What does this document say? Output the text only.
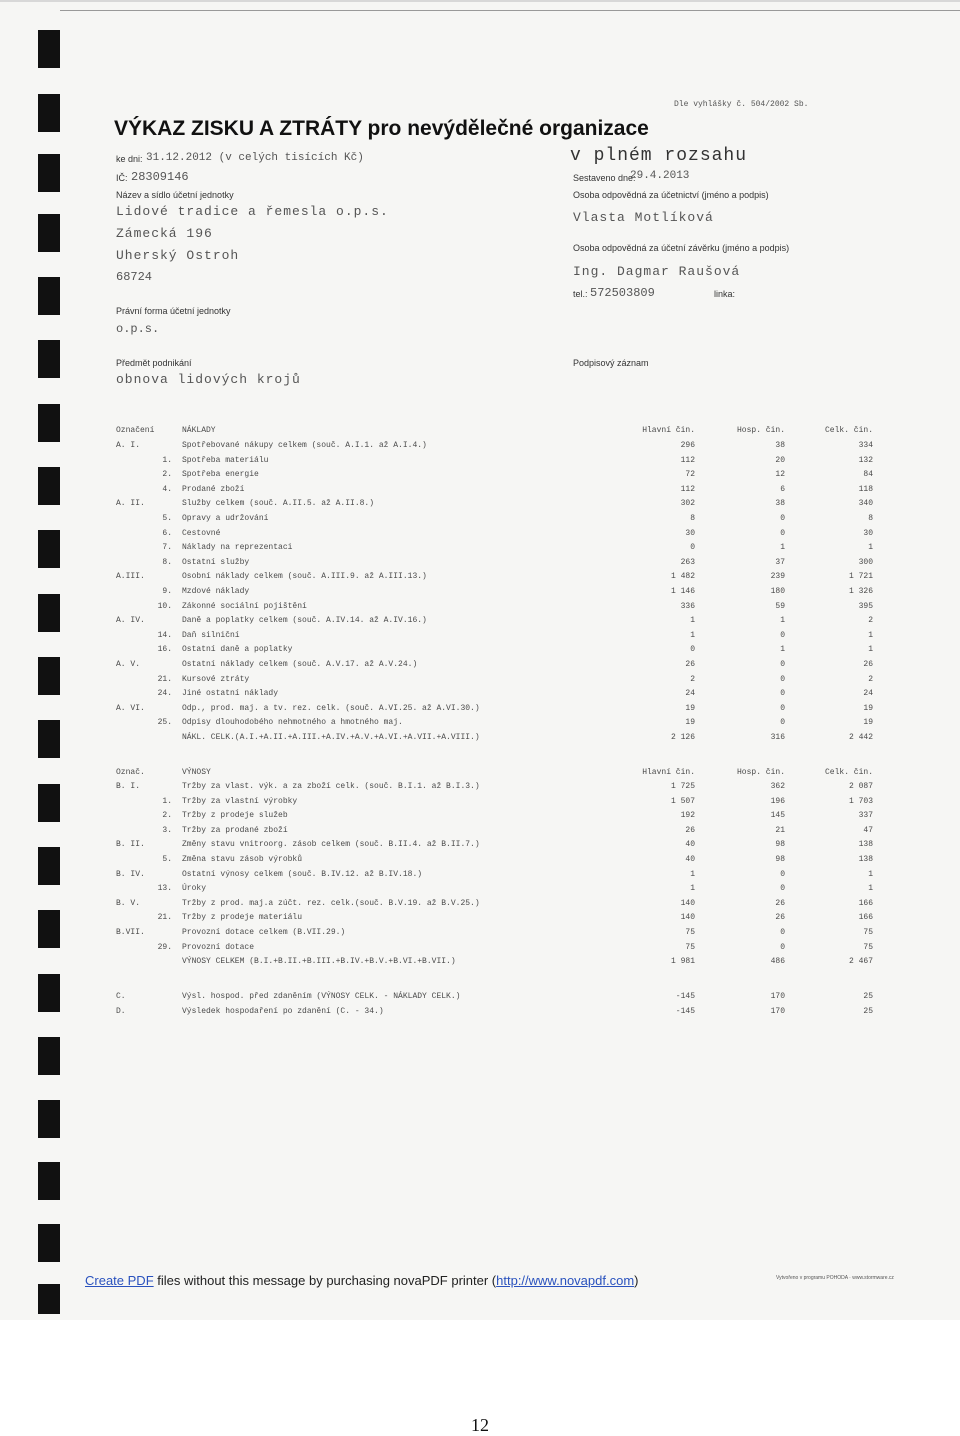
Dle vyhlášky č. 504/2002 Sb.
VÝKAZ ZISKU A ZTRÁTY pro nevýdělečné organizace
ke dni: 31.12.2012 (v celých tisících Kč)	v plném rozsahu
IČ: 28309146	Sestaveno dne:
29.4.2013
Název a sídlo účetní jednotky	Osoba odpovědná za účetnictví (jméno a podpis)
Lidové tradice a řemesla o.p.s.	Vlasta Motlíková
Zámecká 196
Osoba odpovědná za účetní závěrku (jméno a podpis)
Uherský Ostroh
Ing. Dagmar Raušová
68724
tel.: 572503809	linka:
Právní forma účetní jednotky
o.p.s.
Předmět podnikání	Podpisový záznam
obnova lidových krojů
Označení	NÁKLADY	Hlavní čin.	Hosp. čin.	Celk. čin.
A. I.	Spotřebované nákupy celkem (souč. A.I.1. až A.I.4.)	296	38	334
1. Spotřeba materiálu	112	20	132
2. Spotřeba energie	72	12	84
4. Prodané zboží	112	6	118
A. II.	Služby celkem (souč. A.II.5. až A.II.8.)	302	38	340
5. Opravy a udržování	8	0	8
6. Cestovné	30	0	30
7. Náklady na reprezentaci	0	1	1
8. Ostatní služby	263	37	300
A.III.	Osobní náklady celkem (souč. A.III.9. až A.III.13.)	1 482	239	1 721
9. Mzdové náklady	1 146	180	1 326
10. Zákonné sociální pojištění	336	59	395
A. IV.	Daně a poplatky celkem (souč. A.IV.14. až A.IV.16.)	1	1	2
14. Daň silniční	1	0	1
16. Ostatní daně a poplatky	0	1	1
A. V.	Ostatní náklady celkem (souč. A.V.17. až A.V.24.)	26	0	26
21. Kursové ztráty	2	0	2
24. Jiné ostatní náklady	24	0	24
A. VI.	Odp., prod. maj. a tv. rez. celk. (souč. A.VI.25. až A.VI.30.)	19	0	19
25. Odpisy dlouhodobého nehmotného a hmotného maj.	19	0	19
NÁKL. CELK.(A.I.+A.II.+A.III.+A.IV.+A.V.+A.VI.+A.VII.+A.VIII.)	2 126	316	2 442
Označ.	VÝNOSY	Hlavní čin.	Hosp. čin.	Celk. čin.
B. I.	Tržby za vlast. výk. a za zboží celk. (souč. B.I.1. až B.I.3.)	1 725	362	2 087
1. Tržby za vlastní výrobky	1 507	196	1 703
2. Tržby z prodeje služeb	192	145	337
3. Tržby za prodané zboží	26	21	47
B. II.	Změny stavu vnitroorg. zásob celkem (souč. B.II.4. až B.II.7.)	40	98	138
5. Změna stavu zásob výrobků	40	98	138
B. IV.	Ostatní výnosy celkem (souč. B.IV.12. až B.IV.18.)	1	0	1
13. Úroky	1	0	1
B. V.	Tržby z prod. maj.a zúčt. rez. celk.(souč. B.V.19. až B.V.25.)	140	26	166
21. Tržby z prodeje materiálu	140	26	166
B.VII.	Provozní dotace celkem (B.VII.29.)	75	0	75
29. Provozní dotace	75	0	75
VÝNOSY CELKEM (B.I.+B.II.+B.III.+B.IV.+B.V.+B.VI.+B.VII.)	1 981	486	2 467
C.	Výsl. hospod. před zdaněním (VÝNOSY CELK. - NÁKLADY CELK.)	-145	170	25
D.	Výsledek hospodaření po zdanění (C. - 34.)	-145	170	25
Create PDF files without this message by purchasing novaPDF printer (http://www.novapdf.com)	Vytvořeno v programu POHODA · www.stormware.cz
12
